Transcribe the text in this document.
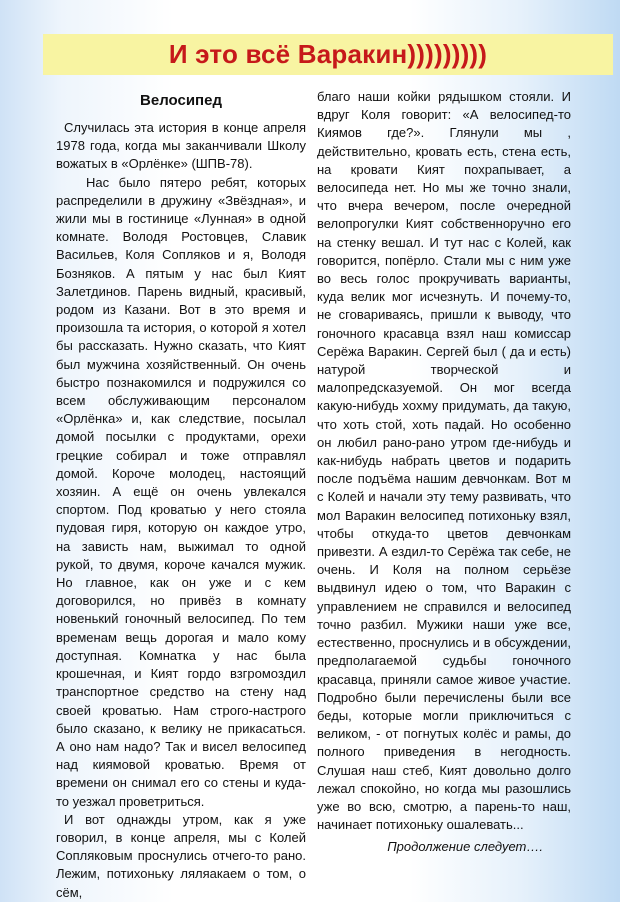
И это всё Варакин)))))))))
Велосипед

Случилась эта история в конце апреля 1978 года, когда мы заканчивали Школу вожатых в «Орлёнке» (ШПВ-78).

Нас было пятеро ребят, которых распределили в дружину «Звёздная», и жили мы в гостинице «Лунная» в одной комнате. Володя Ростовцев, Славик Васильев, Коля Сопляков и я, Володя Бозняков. А пятым у нас был Кият Залетдинов. Парень видный, красивый, родом из Казани. Вот в это время и произошла та история, о которой я хотел бы рассказать. Нужно сказать, что Кият был мужчина хозяйственный. Он очень быстро познакомился и подружился со всем обслуживающим персоналом «Орлёнка» и, как следствие, посылал домой посылки с продуктами, орехи грецкие собирал и тоже отправлял домой. Короче молодец, настоящий хозяин. А ещё он очень увлекался спортом. Под кроватью у него стояла пудовая гиря, которую он каждое утро, на зависть нам, выжимал то одной рукой, то двумя, короче качался мужик. Но главное, как он уже и с кем договорился, но привёз в комнату новенький гоночный велосипед. По тем временам вещь дорогая и мало кому доступная. Комнатка у нас была крошечная, и Кият гордо взгромоздил транспортное средство на стену над своей кроватью. Нам строго-настрого было сказано, к велику не прикасаться. А оно нам надо? Так и висел велосипед над киямовой кроватью. Время от времени он снимал его со стены и куда-то уезжал проветриться.

И вот однажды утром, как я уже говорил, в конце апреля, мы с Колей Сопляковым проснулись отчего-то рано. Лежим, потихоньку ляляакаем о том, о сём,

благо наши койки рядышком стояли. И вдруг Коля говорит: «А велосипед-то Киямов где?». Глянули мы , действительно, кровать есть, стена есть, на кровати Кият похрапывает, а велосипеда нет. Но мы же точно знали, что вчера вечером, после очередной велопрогулки Кият собственноручно его на стенку вешал. И тут нас с Колей, как говорится, попёрло. Стали мы с ним уже во весь голос прокручивать варианты, куда велик мог исчезнуть. И почему-то, не сговариваясь, пришли к выводу, что гоночного красавца взял наш комиссар Серёжа Варакин. Сергей был ( да и есть) натурой творческой и малопредсказуемой. Он мог всегда какую-нибудь хохму придумать, да такую, что хоть стой, хоть падай. Но особенно он любил рано-рано утром где-нибудь и как-нибудь набрать цветов и подарить после подъёма нашим девчонкам. Вот м с Колей и начали эту тему развивать, что мол Варакин велосипед потихоньку взял, чтобы откуда-то цветов девчонкам привезти. А ездил-то Серёжа так себе, не очень. И Коля на полном серьёзе выдвинул идею о том, что Варакин с управлением не справился и велосипед точно разбил. Мужики наши уже все, естественно, проснулись и в обсуждении, предполагаемой судьбы гоночного красавца, приняли самое живое участие. Подробно были перечислены были все беды, которые могли приключиться с великом, - от погнутых колёс и рамы, до полного приведения в негодность. Слушая наш стеб, Кият довольно долго лежал спокойно, но когда мы разошлись уже во всю, смотрю, а парень-то наш, начинает потихоньку ошалевать...

Продолжение следует….
